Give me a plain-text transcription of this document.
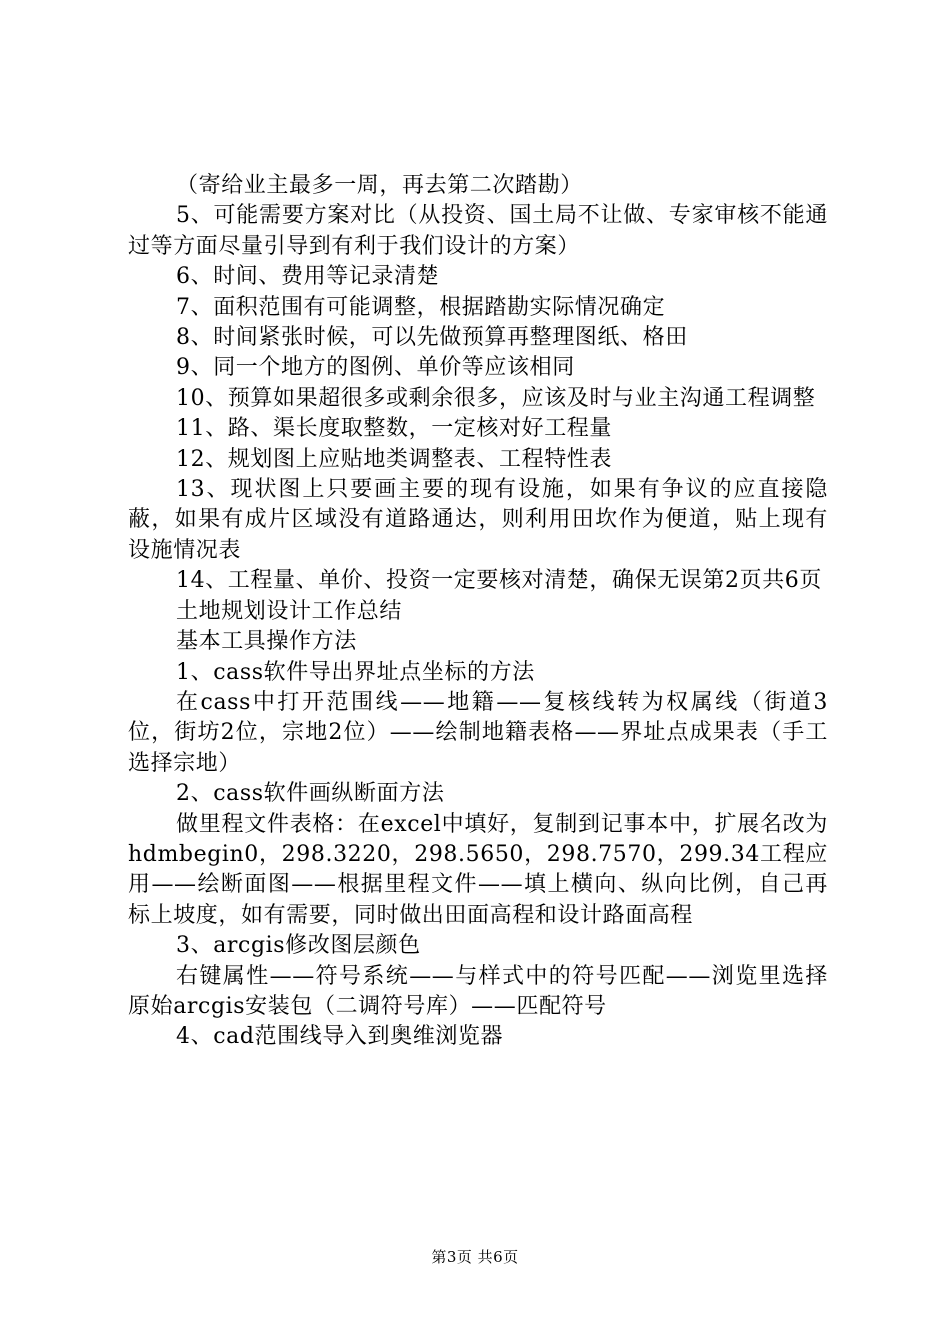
（寄给业主最多一周，再去第二次踏勘）

5、可能需要方案对比（从投资、国土局不让做、专家审核不能通过等方面尽量引导到有利于我们设计的方案）

6、时间、费用等记录清楚

7、面积范围有可能调整，根据踏勘实际情况确定

8、时间紧张时候，可以先做预算再整理图纸、格田

9、同一个地方的图例、单价等应该相同

10、预算如果超很多或剩余很多，应该及时与业主沟通工程调整

11、路、渠长度取整数，一定核对好工程量

12、规划图上应贴地类调整表、工程特性表

13、现状图上只要画主要的现有设施，如果有争议的应直接隐蔽，如果有成片区域没有道路通达，则利用田坎作为便道，贴上现有设施情况表

14、工程量、单价、投资一定要核对清楚，确保无误第2页共6页

土地规划设计工作总结

基本工具操作方法

1、cass软件导出界址点坐标的方法

在cass中打开范围线——地籍——复核线转为权属线（街道3位，街坊2位，宗地2位）——绘制地籍表格——界址点成果表（手工选择宗地）

2、cass软件画纵断面方法

做里程文件表格：在excel中填好，复制到记事本中，扩展名改为

hdmbegin0，298.3220，298.5650，298.7570，299.34工程应用——绘断面图——根据里程文件——填上横向、纵向比例，自己再标上坡度，如有需要，同时做出田面高程和设计路面高程

3、arcgis修改图层颜色

右键属性——符号系统——与样式中的符号匹配——浏览里选择原始arcgis安装包（二调符号库）——匹配符号

4、cad范围线导入到奥维浏览器

第3页 共6页
